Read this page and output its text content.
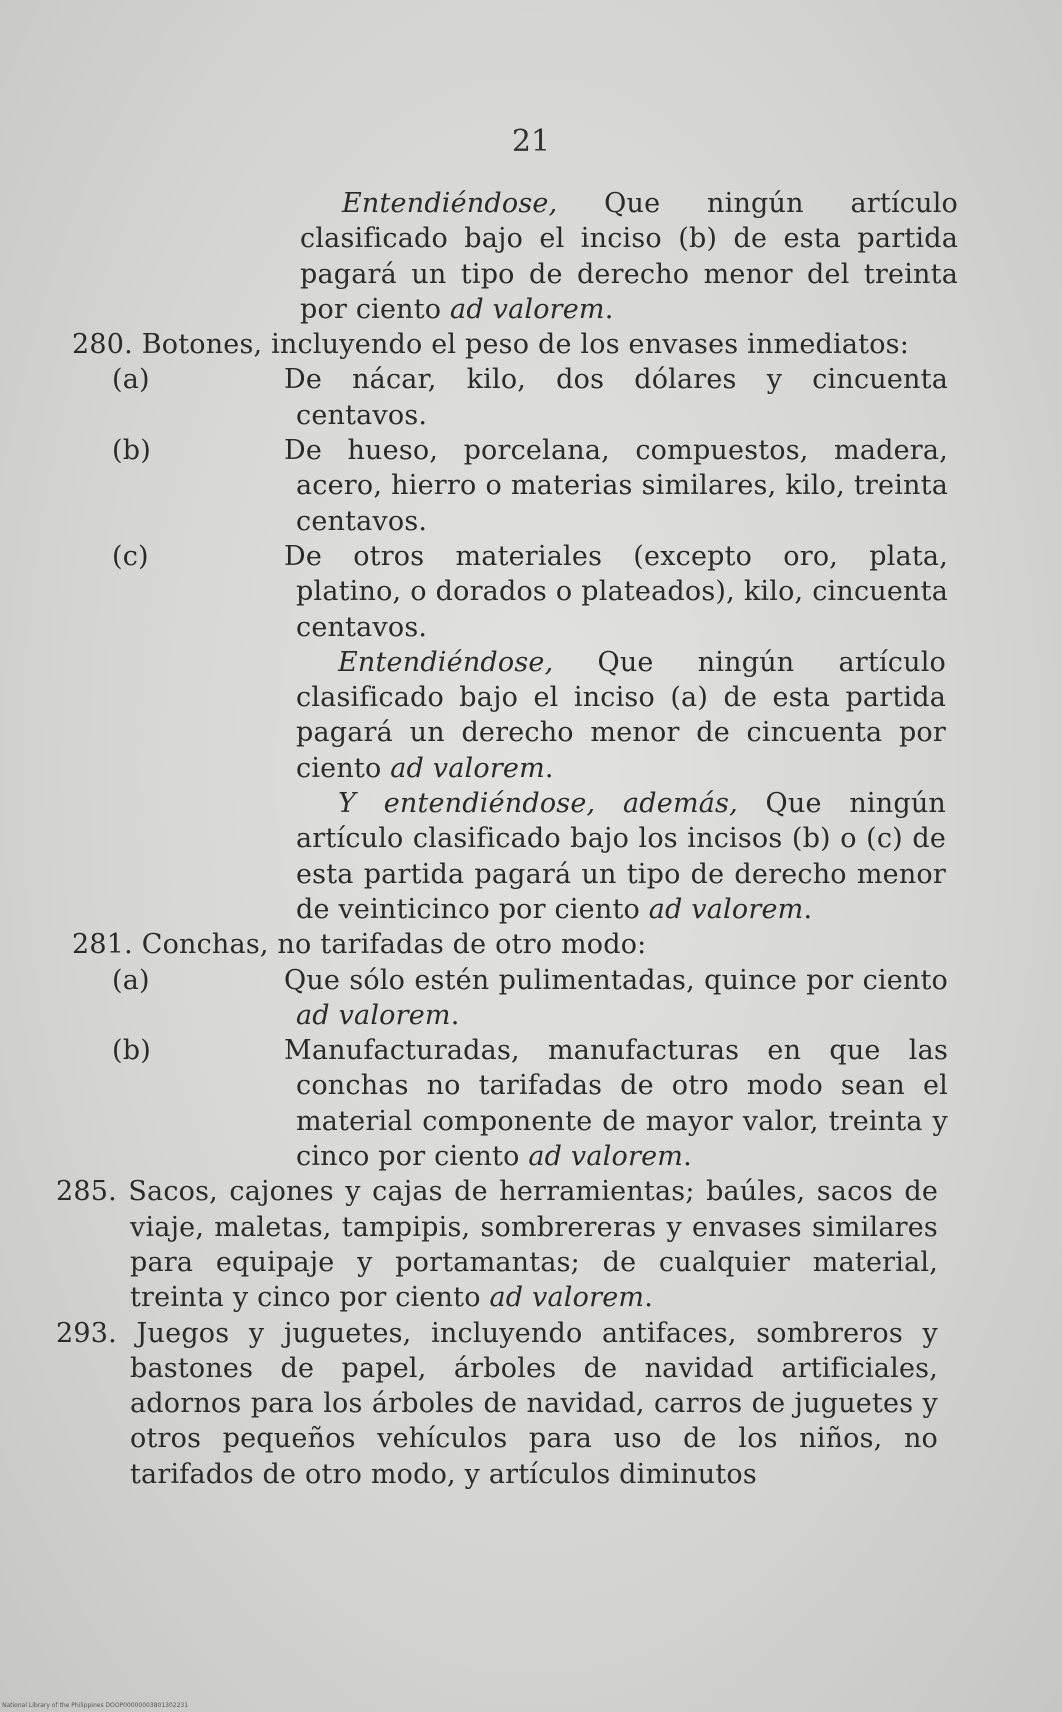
21

Entendiéndose, Que ningún artículo clasificado bajo el inciso (b) de esta partida pagará un tipo de derecho menor del treinta por ciento ad valorem.

280. Botones, incluyendo el peso de los envases inmediatos:

(a)	De nácar, kilo, dos dólares y cincuenta centavos.

(b)	De hueso, porcelana, compuestos, madera, acero, hierro o materias similares, kilo, treinta centavos.

(c)	De otros materiales (excepto oro, plata, platino, o dorados o plateados), kilo, cincuenta centavos.

Entendiéndose, Que ningún artículo clasificado bajo el inciso (a) de esta partida pagará un derecho menor de cincuenta por ciento ad valorem.

Y entendiéndose, además, Que ningún artículo clasificado bajo los incisos (b) o (c) de esta partida pagará un tipo de derecho menor de veinticinco por ciento ad valorem.

281. Conchas, no tarifadas de otro modo:

(a)	Que sólo estén pulimentadas, quince por ciento ad valorem.

(b)	Manufacturadas, manufacturas en que las conchas no tarifadas de otro modo sean el material componente de mayor valor, treinta y cinco por ciento ad valorem.

285. Sacos, cajones y cajas de herramientas; baúles, sacos de viaje, maletas, tampipis, sombrereras y envases similares para equipaje y portamantas; de cualquier material, treinta y cinco por ciento ad valorem.

293. Juegos y juguetes, incluyendo antifaces, sombreros y bastones de papel, árboles de navidad artificiales, adornos para los árboles de navidad, carros de juguetes y otros pequeños vehículos para uso de los niños, no tarifados de otro modo, y artículos diminutos

National Library of the Philippines DOOP00000003801302231
